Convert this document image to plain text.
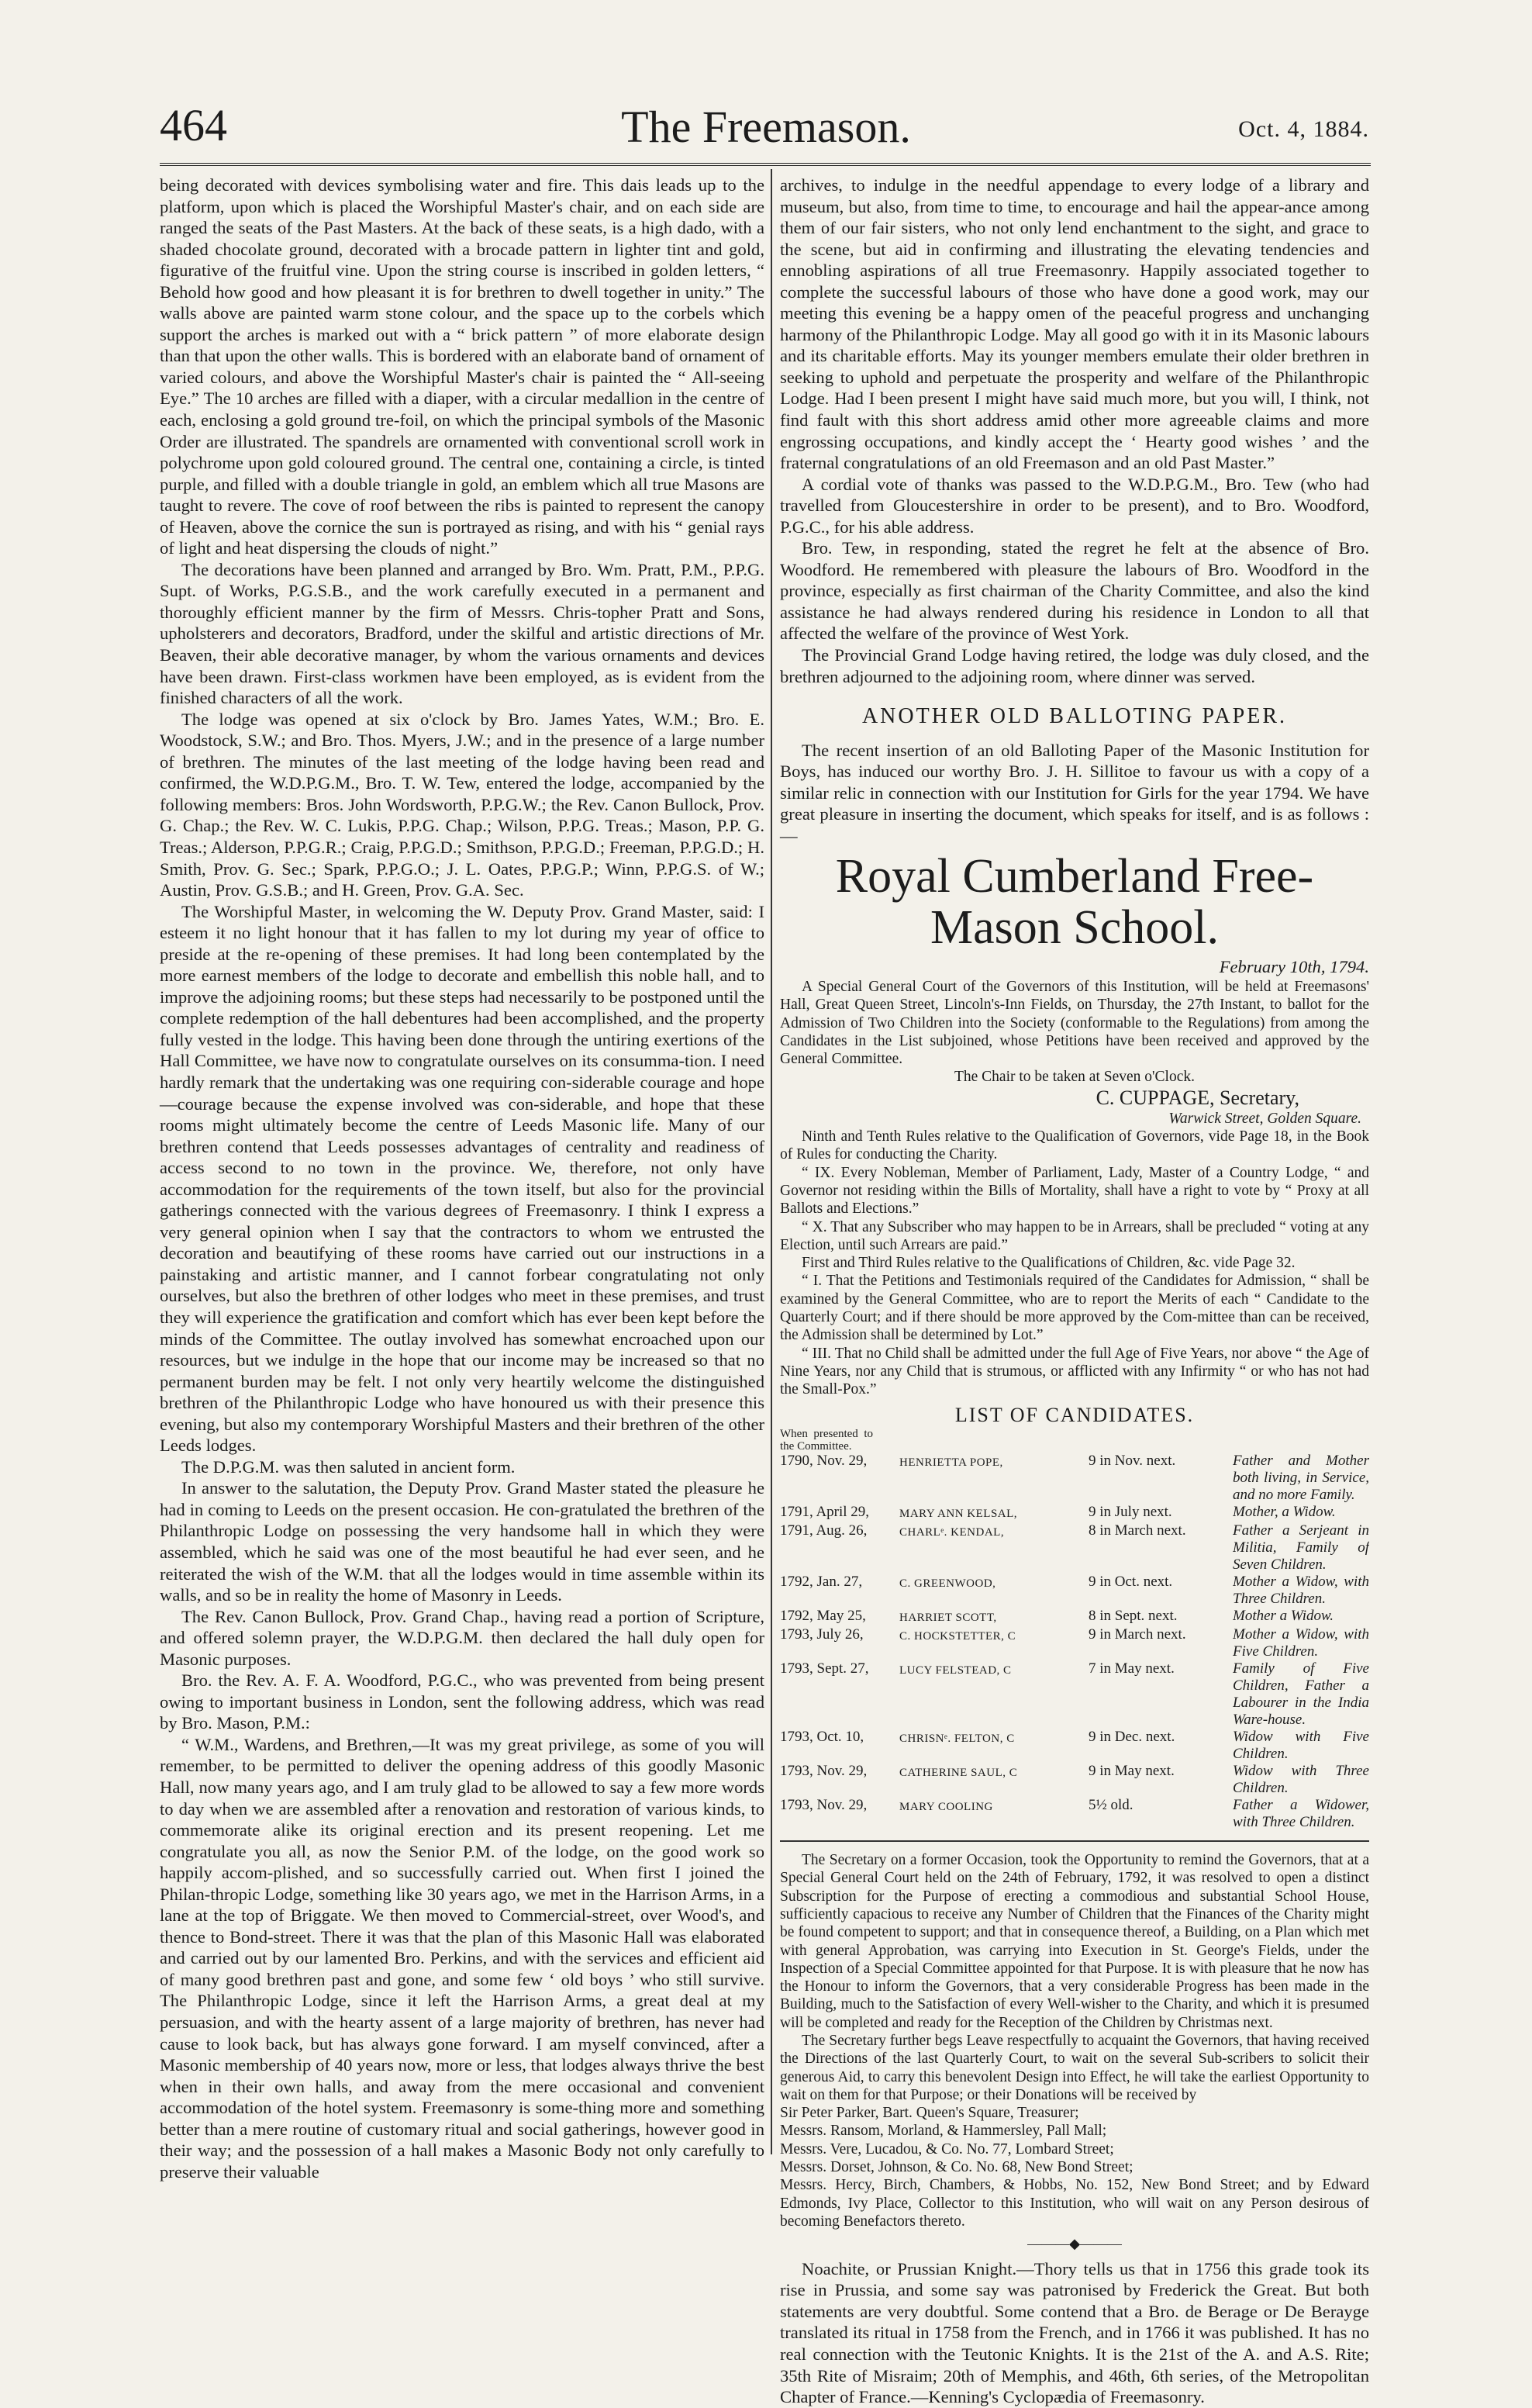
464	The Freemason.	Oct. 4, 1884.

being decorated with devices symbolising water and fire. This dais leads up to the platform, upon which is placed the Worshipful Master's chair, and on each side are ranged the seats of the Past Masters. At the back of these seats, is a high dado, with a shaded chocolate ground, decorated with a brocade pattern in lighter tint and gold, figurative of the fruitful vine. Upon the string course is inscribed in golden letters, “ Behold how good and how pleasant it is for brethren to dwell together in unity.” The walls above are painted warm stone colour, and the space up to the corbels which support the arches is marked out with a “ brick pattern ” of more elaborate design than that upon the other walls. This is bordered with an elaborate band of ornament of varied colours, and above the Worshipful Master's chair is painted the “ All-seeing Eye.” The 10 arches are filled with a diaper, with a circular medallion in the centre of each, enclosing a gold ground tre-foil, on which the principal symbols of the Masonic Order are illustrated. The spandrels are ornamented with conventional scroll work in polychrome upon gold coloured ground. The central one, containing a circle, is tinted purple, and filled with a double triangle in gold, an emblem which all true Masons are taught to revere. The cove of roof between the ribs is painted to represent the canopy of Heaven, above the cornice the sun is portrayed as rising, and with his “ genial rays of light and heat dispersing the clouds of night.”

The decorations have been planned and arranged by Bro. Wm. Pratt, P.M., P.P.G. Supt. of Works, P.G.S.B., and the work carefully executed in a permanent and thoroughly efficient manner by the firm of Messrs. Chris-topher Pratt and Sons, upholsterers and decorators, Bradford, under the skilful and artistic directions of Mr. Beaven, their able decorative manager, by whom the various ornaments and devices have been drawn. First-class workmen have been employed, as is evident from the finished characters of all the work.

The lodge was opened at six o'clock by Bro. James Yates, W.M.; Bro. E. Woodstock, S.W.; and Bro. Thos. Myers, J.W.; and in the presence of a large number of brethren. The minutes of the last meeting of the lodge having been read and confirmed, the W.D.P.G.M., Bro. T. W. Tew, entered the lodge, accompanied by the following members: Bros. John Wordsworth, P.P.G.W.; the Rev. Canon Bullock, Prov. G. Chap.; the Rev. W. C. Lukis, P.P.G. Chap.; Wilson, P.P.G. Treas.; Mason, P.P. G. Treas.; Alderson, P.P.G.R.; Craig, P.P.G.D.; Smithson, P.P.G.D.; Freeman, P.P.G.D.; H. Smith, Prov. G. Sec.; Spark, P.P.G.O.; J. L. Oates, P.P.G.P.; Winn, P.P.G.S. of W.; Austin, Prov. G.S.B.; and H. Green, Prov. G.A. Sec.

The Worshipful Master, in welcoming the W. Deputy Prov. Grand Master, said: I esteem it no light honour that it has fallen to my lot during my year of office to preside at the re-opening of these premises. It had long been contemplated by the more earnest members of the lodge to decorate and embellish this noble hall, and to improve the adjoining rooms; but these steps had necessarily to be postponed until the complete redemption of the hall debentures had been accomplished, and the property fully vested in the lodge. This having been done through the untiring exertions of the Hall Committee, we have now to congratulate ourselves on its consumma-tion. I need hardly remark that the undertaking was one requiring con-siderable courage and hope—courage because the expense involved was con-siderable, and hope that these rooms might ultimately become the centre of Leeds Masonic life. Many of our brethren contend that Leeds possesses advantages of centrality and readiness of access second to no town in the province. We, therefore, not only have accommodation for the requirements of the town itself, but also for the provincial gatherings connected with the various degrees of Freemasonry. I think I express a very general opinion when I say that the contractors to whom we entrusted the decoration and beautifying of these rooms have carried out our instructions in a painstaking and artistic manner, and I cannot forbear congratulating not only ourselves, but also the brethren of other lodges who meet in these premises, and trust they will experience the gratification and comfort which has ever been kept before the minds of the Committee. The outlay involved has somewhat encroached upon our resources, but we indulge in the hope that our income may be increased so that no permanent burden may be felt. I not only very heartily welcome the distinguished brethren of the Philanthropic Lodge who have honoured us with their presence this evening, but also my contemporary Worshipful Masters and their brethren of the other Leeds lodges.

The D.P.G.M. was then saluted in ancient form.

In answer to the salutation, the Deputy Prov. Grand Master stated the pleasure he had in coming to Leeds on the present occasion. He con-gratulated the brethren of the Philanthropic Lodge on possessing the very handsome hall in which they were assembled, which he said was one of the most beautiful he had ever seen, and he reiterated the wish of the W.M. that all the lodges would in time assemble within its walls, and so be in reality the home of Masonry in Leeds.

The Rev. Canon Bullock, Prov. Grand Chap., having read a portion of Scripture, and offered solemn prayer, the W.D.P.G.M. then declared the hall duly open for Masonic purposes.

Bro. the Rev. A. F. A. Woodford, P.G.C., who was prevented from being present owing to important business in London, sent the following address, which was read by Bro. Mason, P.M.:

“ W.M., Wardens, and Brethren,—It was my great privilege, as some of you will remember, to be permitted to deliver the opening address of this goodly Masonic Hall, now many years ago, and I am truly glad to be allowed to say a few more words to day when we are assembled after a renovation and restoration of various kinds, to commemorate alike its original erection and its present reopening. Let me congratulate you all, as now the Senior P.M. of the lodge, on the good work so happily accom-plished, and so successfully carried out. When first I joined the Philan-thropic Lodge, something like 30 years ago, we met in the Harrison Arms, in a lane at the top of Briggate. We then moved to Commercial-street, over Wood's, and thence to Bond-street. There it was that the plan of this Masonic Hall was elaborated and carried out by our lamented Bro. Perkins, and with the services and efficient aid of many good brethren past and gone, and some few ‘ old boys ’ who still survive. The Philanthropic Lodge, since it left the Harrison Arms, a great deal at my persuasion, and with the hearty assent of a large majority of brethren, has never had cause to look back, but has always gone forward. I am myself convinced, after a Masonic membership of 40 years now, more or less, that lodges always thrive the best when in their own halls, and away from the mere occasional and convenient accommodation of the hotel system. Freemasonry is some-thing more and something better than a mere routine of customary ritual and social gatherings, however good in their way; and the possession of a hall makes a Masonic Body not only carefully to preserve their valuable

archives, to indulge in the needful appendage to every lodge of a library and museum, but also, from time to time, to encourage and hail the appear-ance among them of our fair sisters, who not only lend enchantment to the sight, and grace to the scene, but aid in confirming and illustrating the elevating tendencies and ennobling aspirations of all true Freemasonry. Happily associated together to complete the successful labours of those who have done a good work, may our meeting this evening be a happy omen of the peaceful progress and unchanging harmony of the Philanthropic Lodge. May all good go with it in its Masonic labours and its charitable efforts. May its younger members emulate their older brethren in seeking to uphold and perpetuate the prosperity and welfare of the Philanthropic Lodge. Had I been present I might have said much more, but you will, I think, not find fault with this short address amid other more agreeable claims and more engrossing occupations, and kindly accept the ‘ Hearty good wishes ’ and the fraternal congratulations of an old Freemason and an old Past Master.”

A cordial vote of thanks was passed to the W.D.P.G.M., Bro. Tew (who had travelled from Gloucestershire in order to be present), and to Bro. Woodford, P.G.C., for his able address.

Bro. Tew, in responding, stated the regret he felt at the absence of Bro. Woodford. He remembered with pleasure the labours of Bro. Woodford in the province, especially as first chairman of the Charity Committee, and also the kind assistance he had always rendered during his residence in London to all that affected the welfare of the province of West York.

The Provincial Grand Lodge having retired, the lodge was duly closed, and the brethren adjourned to the adjoining room, where dinner was served.

ANOTHER OLD BALLOTING PAPER.

The recent insertion of an old Balloting Paper of the Masonic Institution for Boys, has induced our worthy Bro. J. H. Sillitoe to favour us with a copy of a similar relic in connection with our Institution for Girls for the year 1794. We have great pleasure in inserting the document, which speaks for itself, and is as follows :—

Royal Cumberland Free-Mason School.
February 10th, 1794.

A Special General Court of the Governors of this Institution, will be held at Freemasons' Hall, Great Queen Street, Lincoln's-Inn Fields, on Thursday, the 27th Instant, to ballot for the Admission of Two Children into the Society (conformable to the Regulations) from among the Candidates in the List subjoined, whose Petitions have been received and approved by the General Committee.

The Chair to be taken at Seven o'Clock.
C. CUPPAGE, Secretary,
Warwick Street, Golden Square.

Ninth and Tenth Rules relative to the Qualification of Governors, vide Page 18, in the Book of Rules for conducting the Charity.

“ IX. Every Nobleman, Member of Parliament, Lady, Master of a Country Lodge, “ and Governor not residing within the Bills of Mortality, shall have a right to vote by “ Proxy at all Ballots and Elections.”

“ X. That any Subscriber who may happen to be in Arrears, shall be precluded “ voting at any Election, until such Arrears are paid.”

First and Third Rules relative to the Qualifications of Children, &c. vide Page 32.

“ I. That the Petitions and Testimonials required of the Candidates for Admission, “ shall be examined by the General Committee, who are to report the Merits of each “ Candidate to the Quarterly Court; and if there should be more approved by the Com-mittee than can be received, the Admission shall be determined by Lot.”

“ III. That no Child shall be admitted under the full Age of Five Years, nor above “ the Age of Nine Years, nor any Child that is strumous, or afflicted with any Infirmity “ or who has not had the Small-Pox.”

LIST OF CANDIDATES.
When presented to the Committee.
1790, Nov. 29,	HENRIETTA POPE,	9 in Nov. next.	Father and Mother both living, in Service, and no more Family.
1791, April 29,	MARY ANN KELSAL,	9 in July next.	Mother, a Widow.
1791, Aug. 26,	CHARLᵉ. KENDAL,	8 in March next.	Father a Serjeant in Militia, Family of Seven Children.
1792, Jan. 27,	C. GREENWOOD,	9 in Oct. next.	Mother a Widow, with Three Children.
1792, May 25,	HARRIET SCOTT,	8 in Sept. next.	Mother a Widow.
1793, July 26,	C. HOCKSTETTER, C	9 in March next.	Mother a Widow, with Five Children.
1793, Sept. 27,	LUCY FELSTEAD, C	7 in May next.	Family of Five Children, Father a Labourer in the India Ware-house.
1793, Oct. 10,	CHRISNᵉ. FELTON, C	9 in Dec. next.	Widow with Five Children.
1793, Nov. 29,	CATHERINE SAUL, C	9 in May next.	Widow with Three Children.
1793, Nov. 29,	MARY COOLING	5½ old.	Father a Widower, with Three Children.

The Secretary on a former Occasion, took the Opportunity to remind the Governors, that at a Special General Court held on the 24th of February, 1792, it was resolved to open a distinct Subscription for the Purpose of erecting a commodious and substantial School House, sufficiently capacious to receive any Number of Children that the Finances of the Charity might be found competent to support; and that in consequence thereof, a Building, on a Plan which met with general Approbation, was carrying into Execution in St. George's Fields, under the Inspection of a Special Committee appointed for that Purpose. It is with pleasure that he now has the Honour to inform the Governors, that a very considerable Progress has been made in the Building, much to the Satisfaction of every Well-wisher to the Charity, and which it is presumed will be completed and ready for the Reception of the Children by Christmas next.

The Secretary further begs Leave respectfully to acquaint the Governors, that having received the Directions of the last Quarterly Court, to wait on the several Sub-scribers to solicit their generous Aid, to carry this benevolent Design into Effect, he will take the earliest Opportunity to wait on them for that Purpose; or their Donations will be received by

Sir Peter Parker, Bart. Queen's Square, Treasurer;
Messrs. Ransom, Morland, & Hammersley, Pall Mall;
Messrs. Vere, Lucadou, & Co. No. 77, Lombard Street;
Messrs. Dorset, Johnson, & Co. No. 68, New Bond Street;
Messrs. Hercy, Birch, Chambers, & Hobbs, No. 152, New Bond Street; and by Edward Edmonds, Ivy Place, Collector to this Institution, who will wait on any Person desirous of becoming Benefactors thereto.
———◆———

Noachite, or Prussian Knight.—Thory tells us that in 1756 this grade took its rise in Prussia, and some say was patronised by Frederick the Great. But both statements are very doubtful. Some contend that a Bro. de Berage or De Berayge translated its ritual in 1758 from the French, and in 1766 it was published. It has no real connection with the Teutonic Knights. It is the 21st of the A. and A.S. Rite; 35th Rite of Misraim; 20th of Memphis, and 46th, 6th series, of the Metropolitan Chapter of France.—Kenning's Cyclopædia of Freemasonry.
